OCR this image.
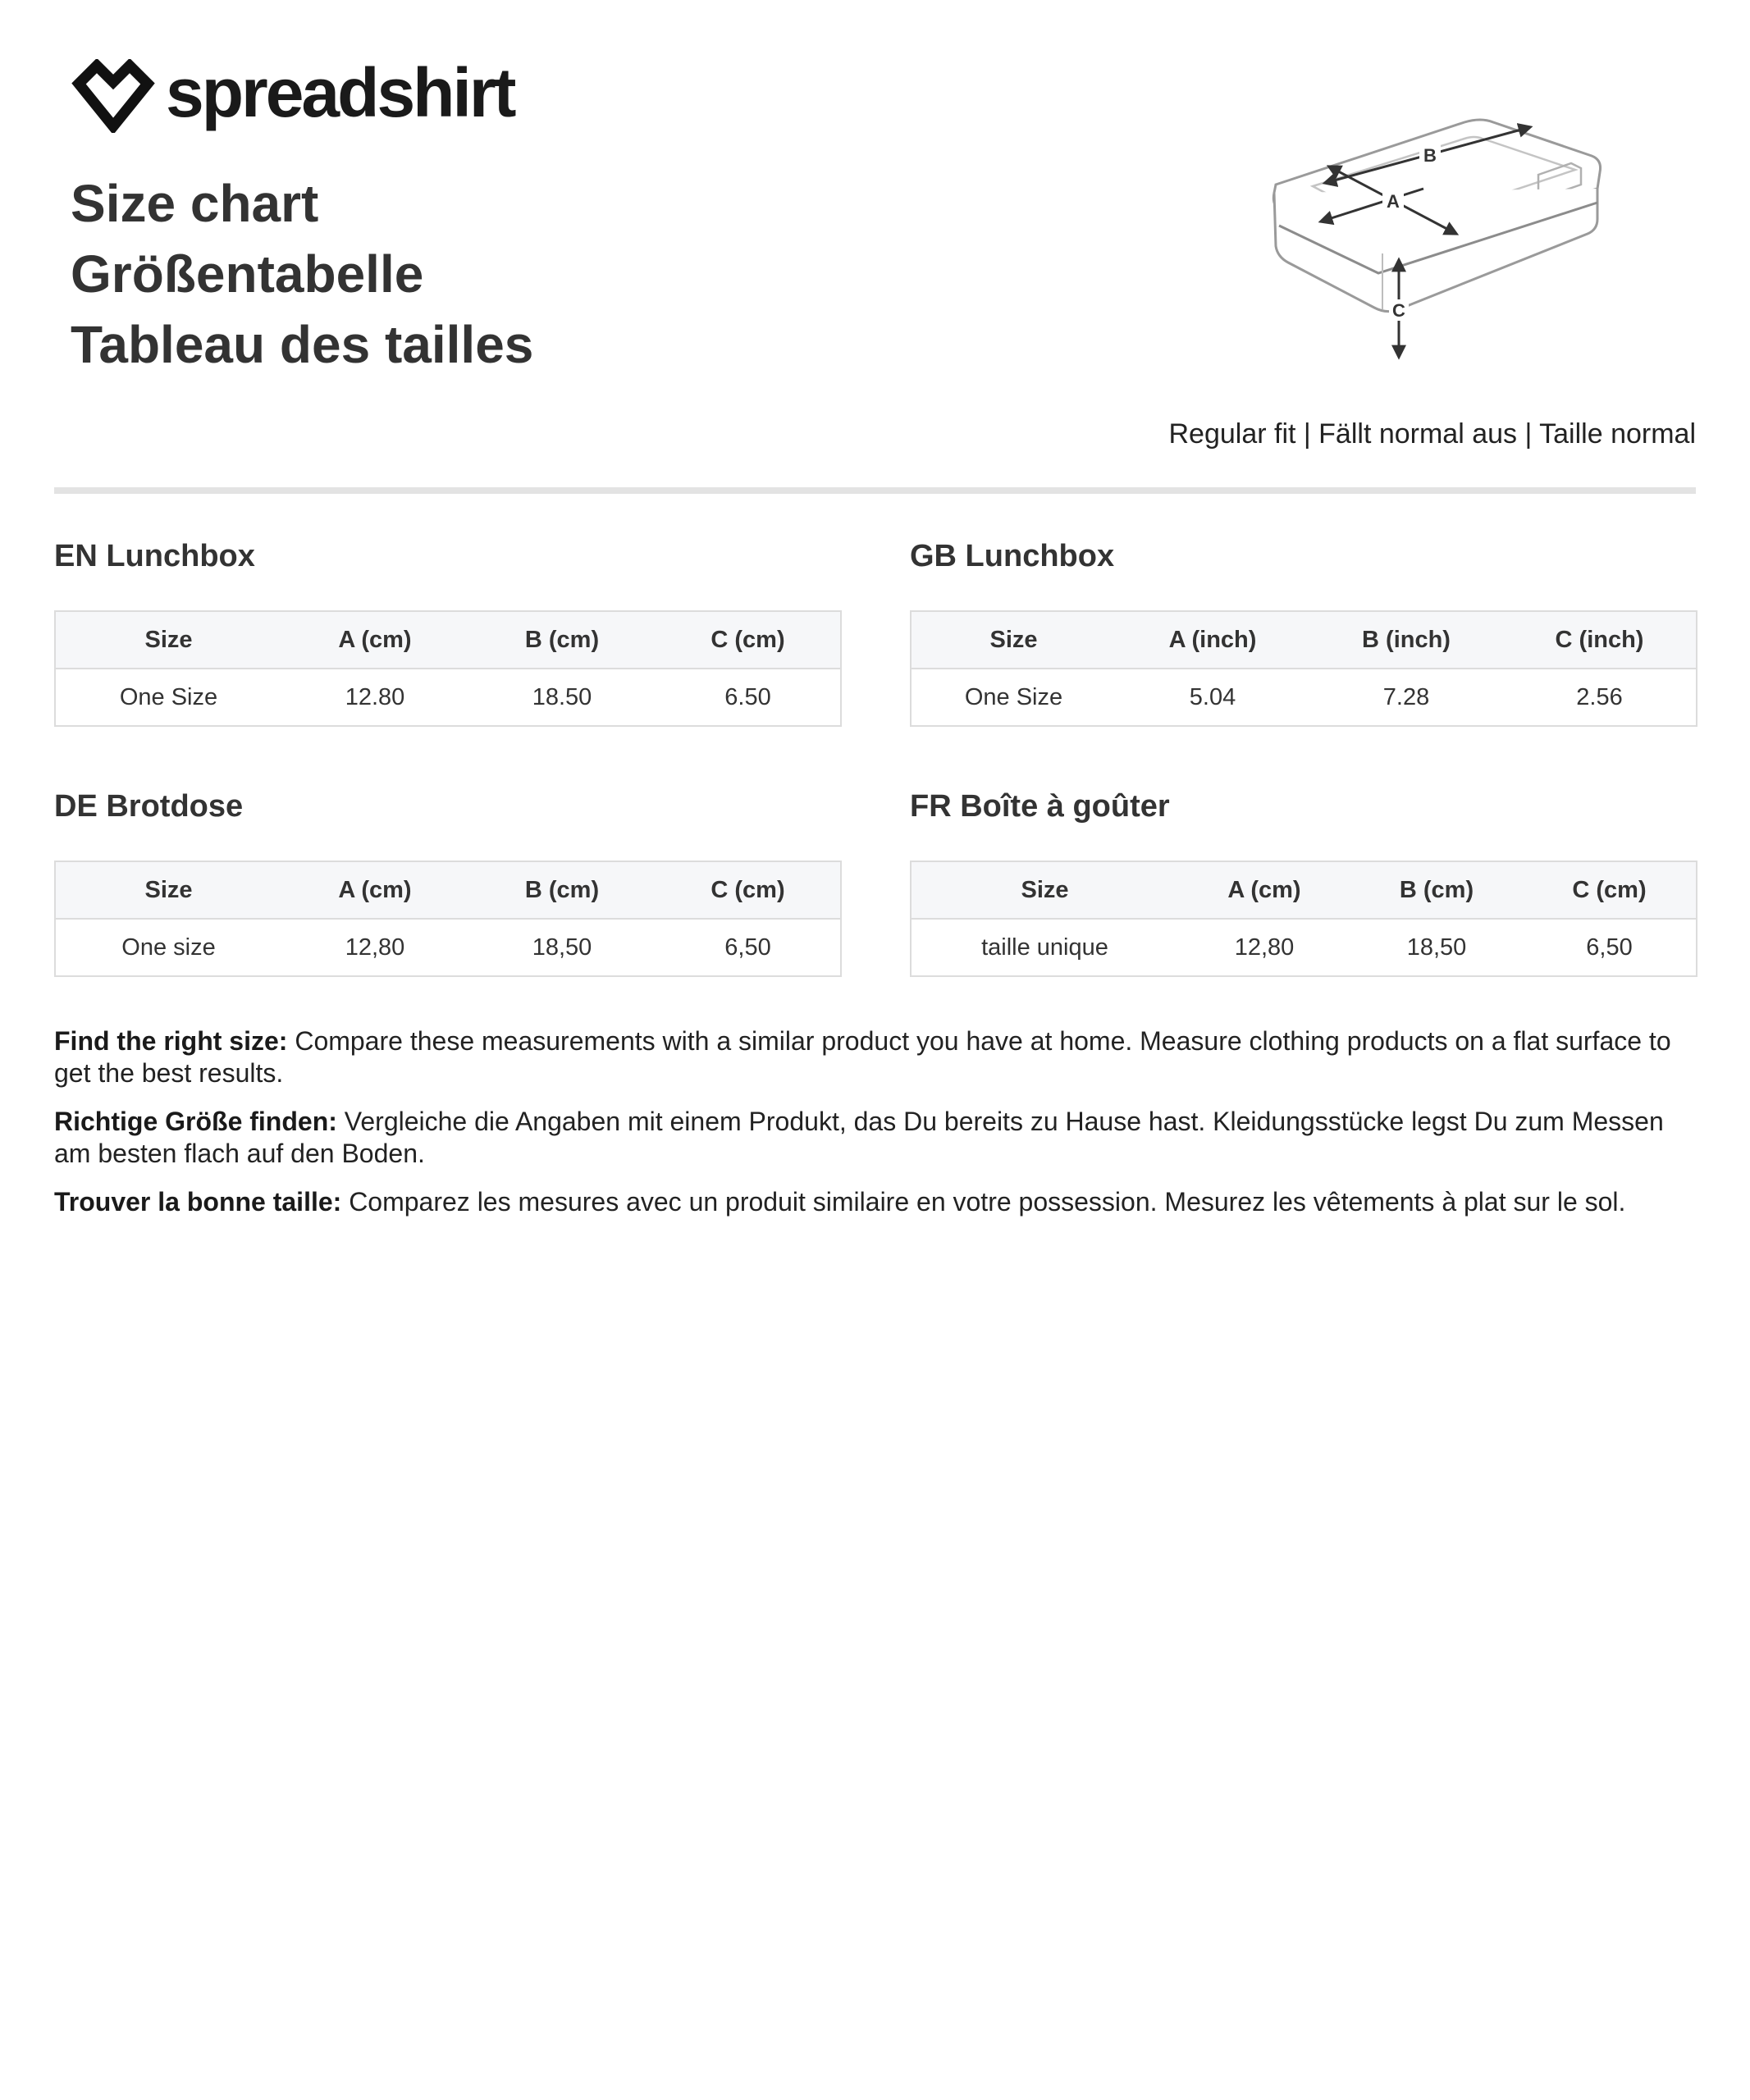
spreadshirt
Size chart
Größentabelle
Tableau des tailles
B
A
C
Regular fit | Fällt normal aus | Taille normal
EN Lunchbox
Size	A (cm)	B (cm)	C (cm)
One Size	12.80	18.50	6.50
GB Lunchbox
Size	A (inch)	B (inch)	C (inch)
One Size	5.04	7.28	2.56
DE Brotdose
Size	A (cm)	B (cm)	C (cm)
One size	12,80	18,50	6,50
FR Boîte à goûter
Size	A (cm)	B (cm)	C (cm)
taille unique	12,80	18,50	6,50

Find the right size: Compare these measurements with a similar product you have at home. Measure clothing products on a flat surface to get the best results.

Richtige Größe finden: Vergleiche die Angaben mit einem Produkt, das Du bereits zu Hause hast. Kleidungsstücke legst Du zum Messen am besten flach auf den Boden.

Trouver la bonne taille: Comparez les mesures avec un produit similaire en votre possession. Mesurez les vêtements à plat sur le sol.
